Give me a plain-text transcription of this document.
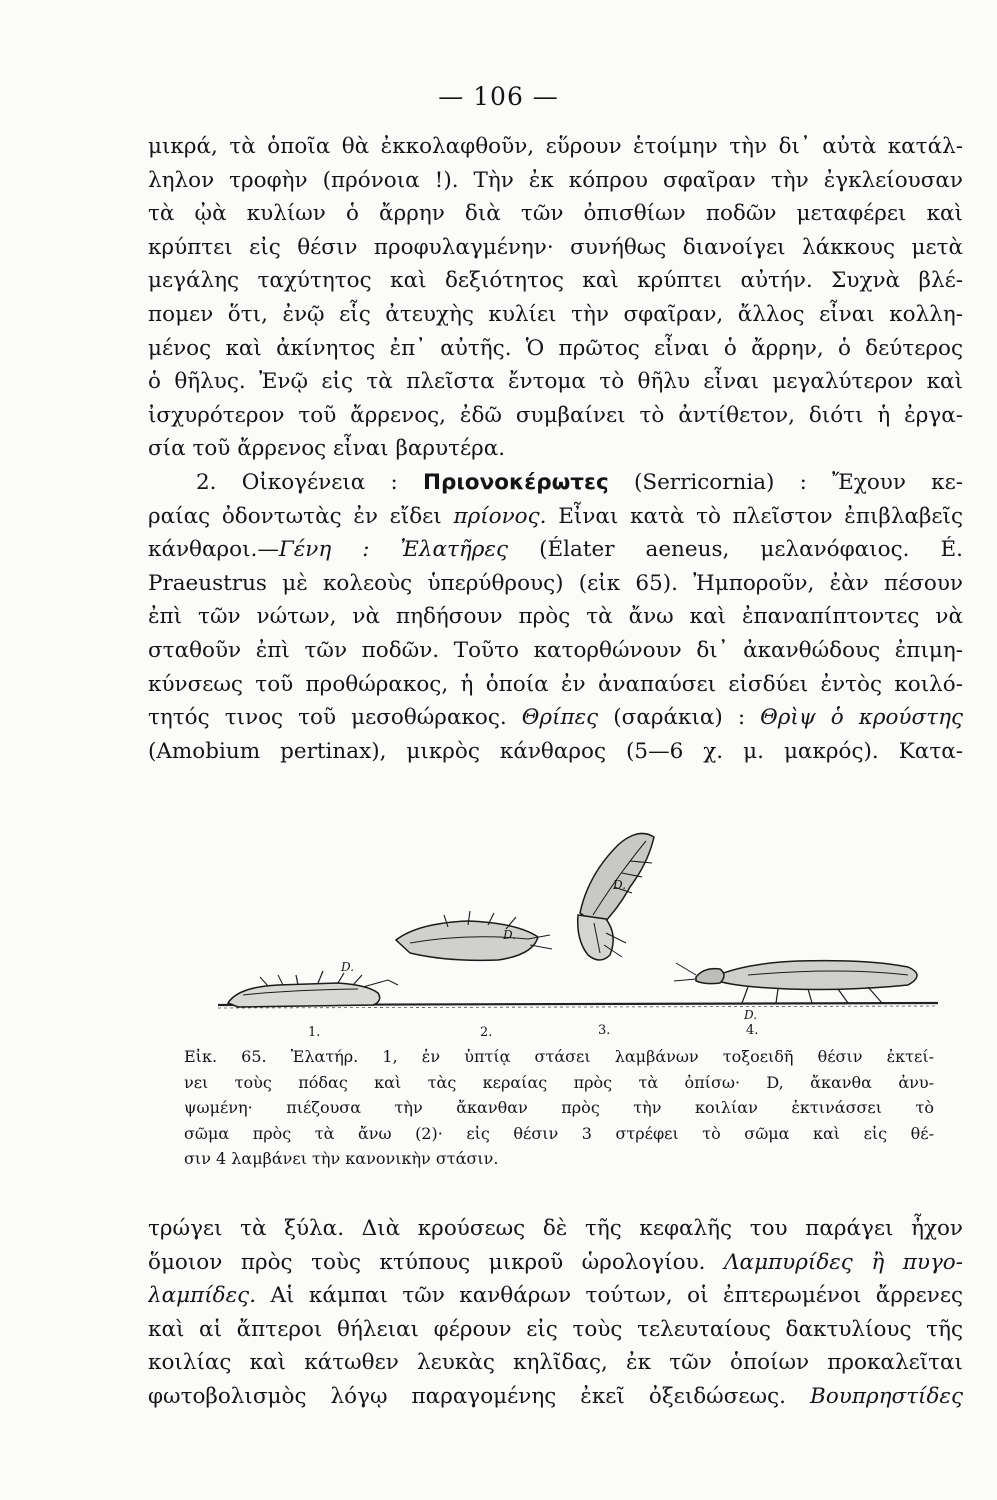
— 106 —
μικρά, τὰ ὁποῖα θὰ ἐκκολαφθοῦν, εὕρουν ἑτοίμην τὴν δι᾽ αὐτὰ κατάλ-
ληλον τροφὴν (πρόνοια !). Τὴν ἐκ κόπρου σφαῖραν τὴν ἐγκλείουσαν
τὰ ᾠὰ κυλίων ὁ ἄρρην διὰ τῶν ὀπισθίων ποδῶν μεταφέρει καὶ
κρύπτει εἰς θέσιν προφυλαγμένην· συνήθως διανοίγει λάκκους μετὰ
μεγάλης ταχύτητος καὶ δεξιότητος καὶ κρύπτει αὐτήν. Συχνὰ βλέ-
πομεν ὅτι, ἐνῷ εἷς ἀτευχὴς κυλίει τὴν σφαῖραν, ἄλλος εἶναι κολλη-
μένος καὶ ἀκίνητος ἐπ᾽ αὐτῆς. Ὁ πρῶτος εἶναι ὁ ἄρρην, ὁ δεύτερος
ὁ θῆλυς. Ἐνῷ εἰς τὰ πλεῖστα ἔντομα τὸ θῆλυ εἶναι μεγαλύτερον καὶ
ἰσχυρότερον τοῦ ἄρρενος, ἐδῶ συμβαίνει τὸ ἀντίθετον, διότι ἡ ἐργα-
σία τοῦ ἄρρενος εἶναι βαρυτέρα.
2. Οἰκογένεια : Πριονοκέρωτες (Serricornia) : Ἔχουν κε-
ραίας ὀδοντωτὰς ἐν εἴδει πρίονος. Εἶναι κατὰ τὸ πλεῖστον ἐπιβλαβεῖς
κάνθαροι.—Γένη : Ἐλατῆρες (Élater aeneus, μελανόφαιος. É.
Praeustrus μὲ κολεοὺς ὑπερύθρους) (εἰκ 65). Ἠμποροῦν, ἐὰν πέσουν
ἐπὶ τῶν νώτων, νὰ πηδήσουν πρὸς τὰ ἄνω καὶ ἐπαναπίπτοντες νὰ
σταθοῦν ἐπὶ τῶν ποδῶν. Τοῦτο κατορθώνουν δι᾽ ἀκανθώδους ἐπιμη-
κύνσεως τοῦ προθώρακος, ἡ ὁποία ἐν ἀναπαύσει εἰσδύει ἐντὸς κοιλό-
τητός τινος τοῦ μεσοθώρακος. Θρίπες (σαράκια) : Θρὶψ ὁ κρούστης
(Amobium pertinax), μικρὸς κάνθαρος (5—6 χ. μ. μακρός). Κατα-
D.
D.
D.
D.
1.	2.	3.	4.
Εἰκ. 65. Ἐλατήρ. 1, ἐν ὑπτίᾳ στάσει λαμβάνων τοξοειδῆ θέσιν ἐκτεί-
νει τοὺς πόδας καὶ τὰς κεραίας πρὸς τὰ ὀπίσω· D, ἄκανθα ἀνυ-
ψωμένη· πιέζουσα τὴν ἄκανθαν πρὸς τὴν κοιλίαν ἐκτινάσσει τὸ
σῶμα πρὸς τὰ ἄνω (2)· εἰς θέσιν 3 στρέφει τὸ σῶμα καὶ εἰς θέ-
σιν 4 λαμβάνει τὴν κανονικὴν στάσιν.
τρώγει τὰ ξύλα. Διὰ κρούσεως δὲ τῆς κεφαλῆς του παράγει ἦχον
ὅμοιον πρὸς τοὺς κτύπους μικροῦ ὡρολογίου. Λαμπυρίδες ἢ πυγο-
λαμπίδες. Αἱ κάμπαι τῶν κανθάρων τούτων, οἱ ἐπτερωμένοι ἄρρενες
καὶ αἱ ἄπτεροι θήλειαι φέρουν εἰς τοὺς τελευταίους δακτυλίους τῆς
κοιλίας καὶ κάτωθεν λευκὰς κηλῖδας, ἐκ τῶν ὁποίων προκαλεῖται
φωτοβολισμὸς λόγῳ παραγομένης ἐκεῖ ὀξειδώσεως. Βουπρηστίδες
